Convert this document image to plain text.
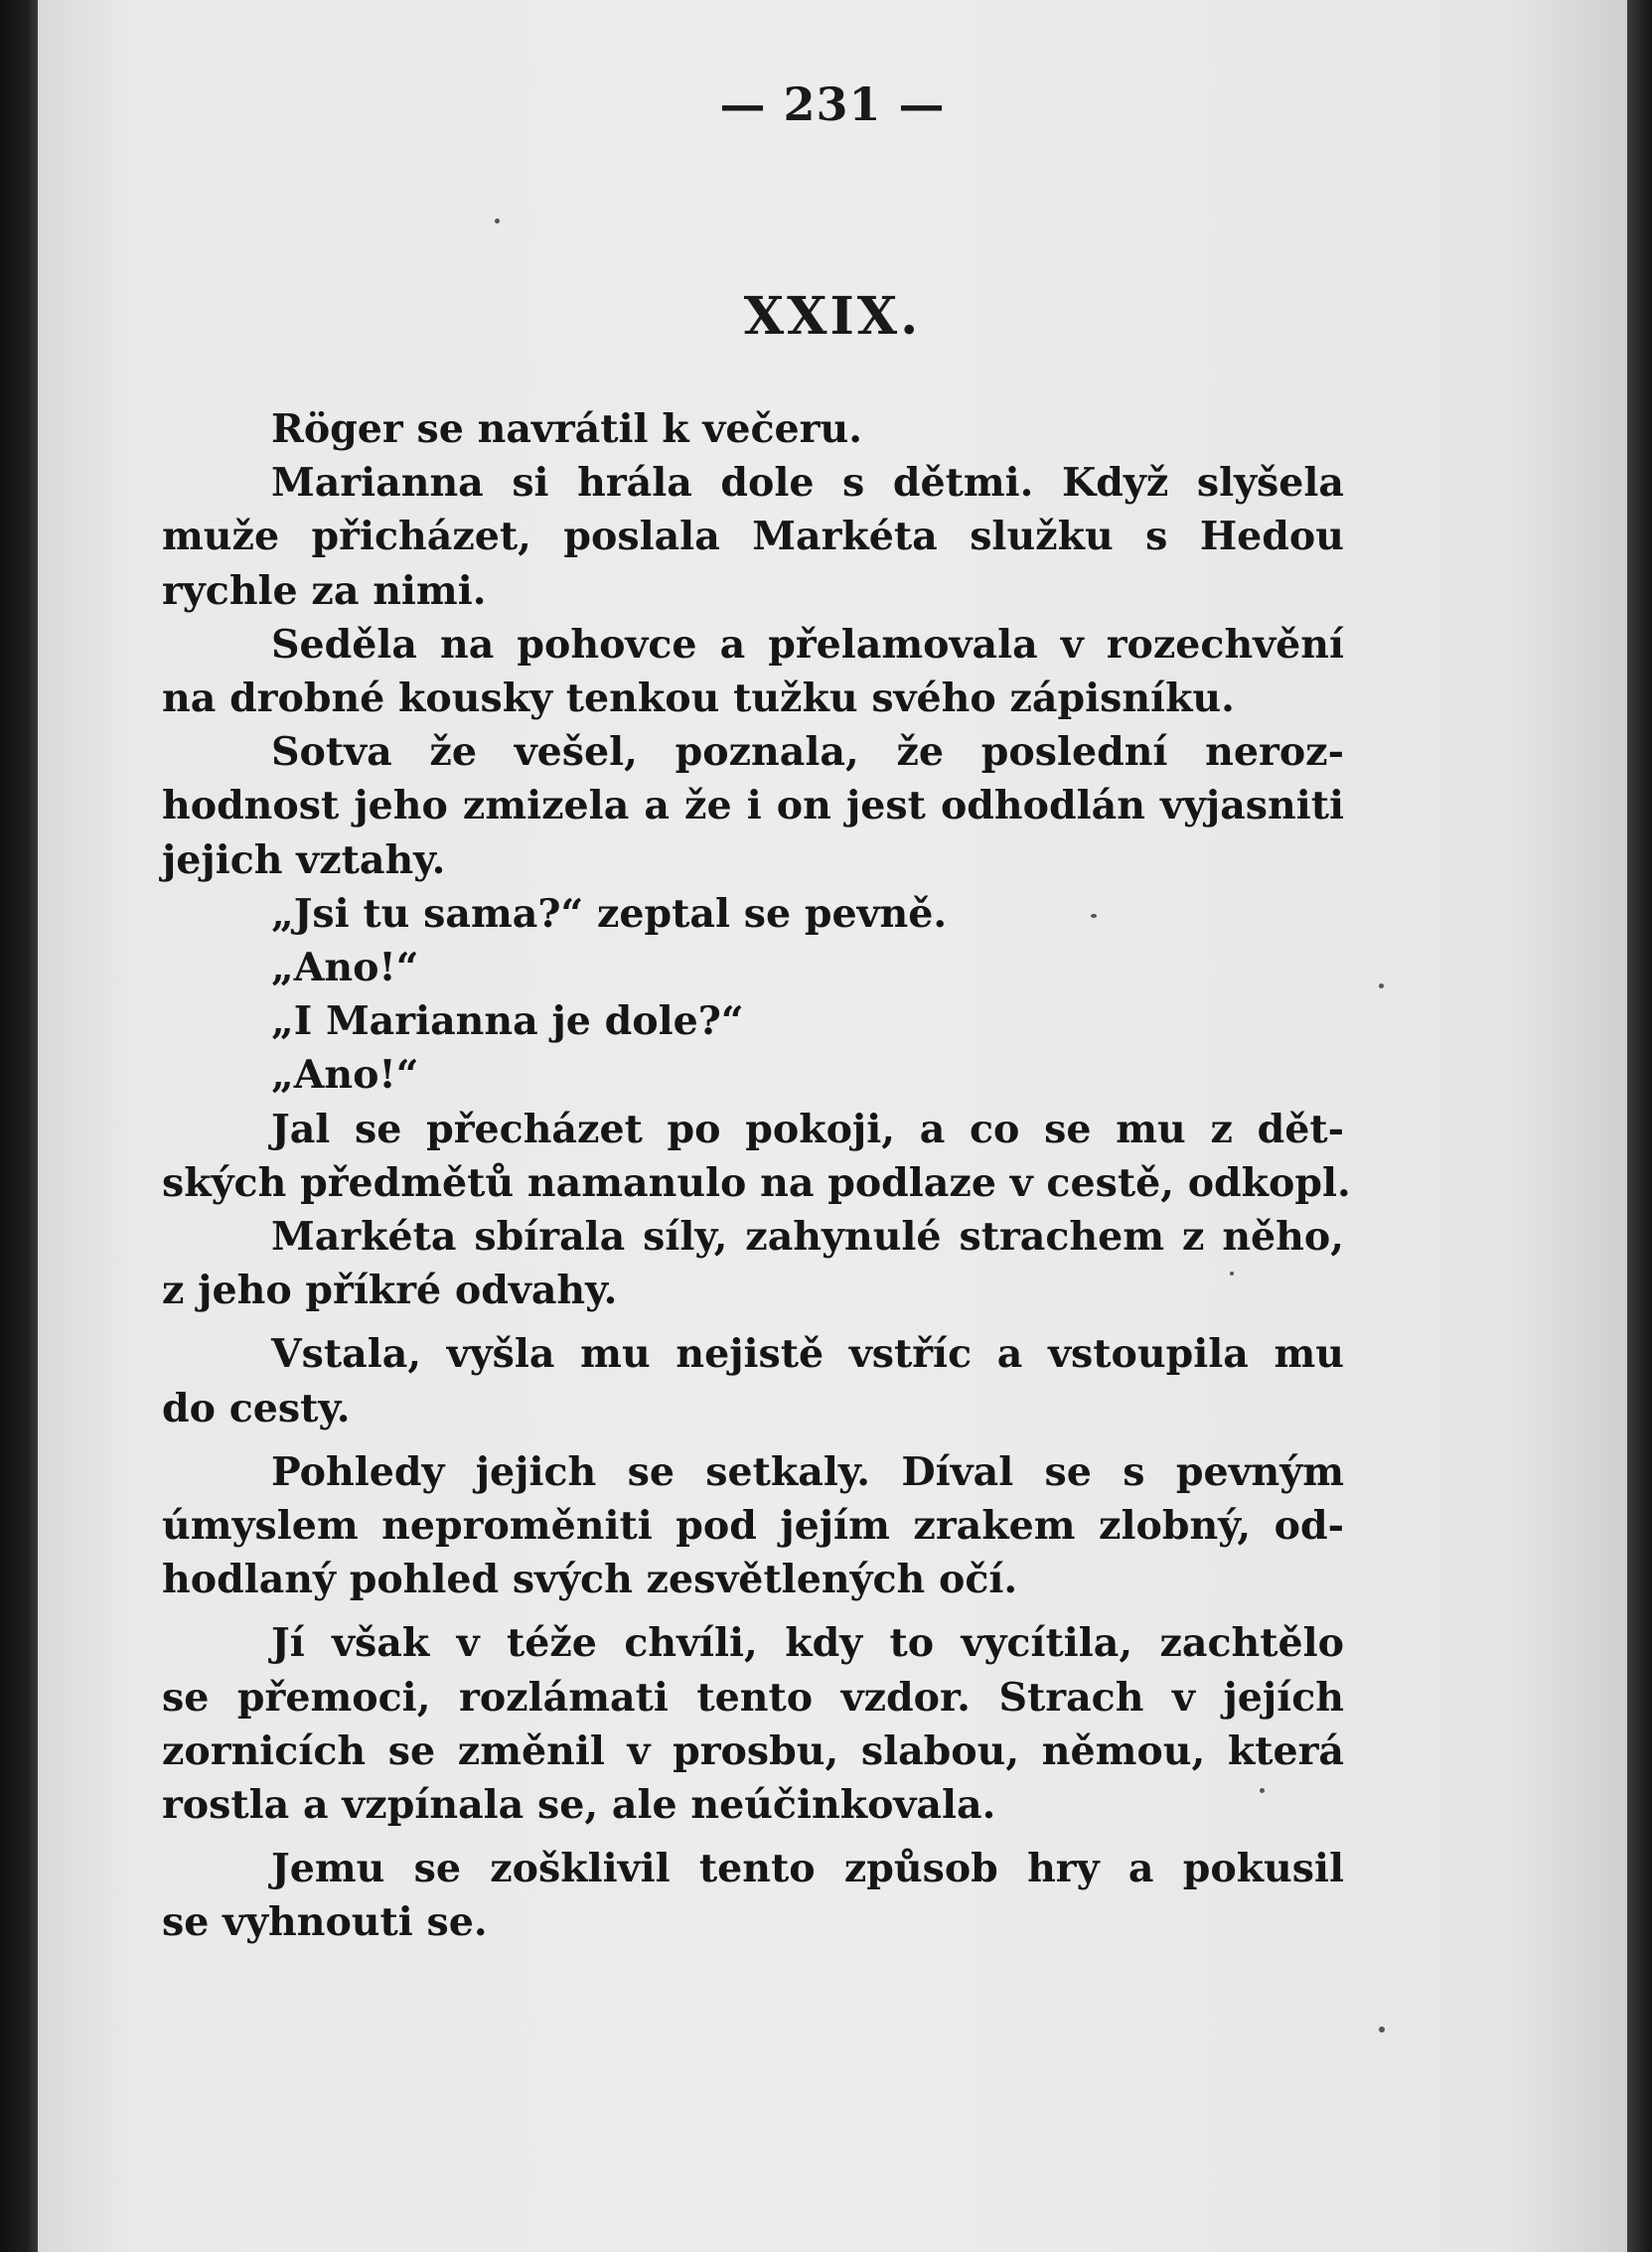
— 231 —
XXIX.
Röger se navrátil k večeru.
Marianna si hrála dole s dětmi. Když slyšela
muže přicházet, poslala Markéta služku s Hedou
rychle za nimi.
Seděla na pohovce a přelamovala v rozechvění
na drobné kousky tenkou tužku svého zápisníku.
Sotva že vešel, poznala, že poslední neroz-
hodnost jeho zmizela a že i on jest odhodlán vyjasniti
jejich vztahy.
„Jsi tu sama?“ zeptal se pevně.
„Ano!“
„I Marianna je dole?“
„Ano!“
Jal se přecházet po pokoji, a co se mu z dět-
ských předmětů namanulo na podlaze v cestě, odkopl.
Markéta sbírala síly, zahynulé strachem z něho,
z jeho příkré odvahy.
Vstala, vyšla mu nejistě vstříc a vstoupila mu
do cesty.
Pohledy jejich se setkaly. Díval se s pevným
úmyslem neproměniti pod jejím zrakem zlobný, od-
hodlaný pohled svých zesvětlených očí.
Jí však v téže chvíli, kdy to vycítila, zachtělo
se přemoci, rozlámati tento vzdor. Strach v jejích
zornicích se změnil v prosbu, slabou, němou, která
rostla a vzpínala se, ale neúčinkovala.
Jemu se zošklivil tento způsob hry a pokusil
se vyhnouti se.
